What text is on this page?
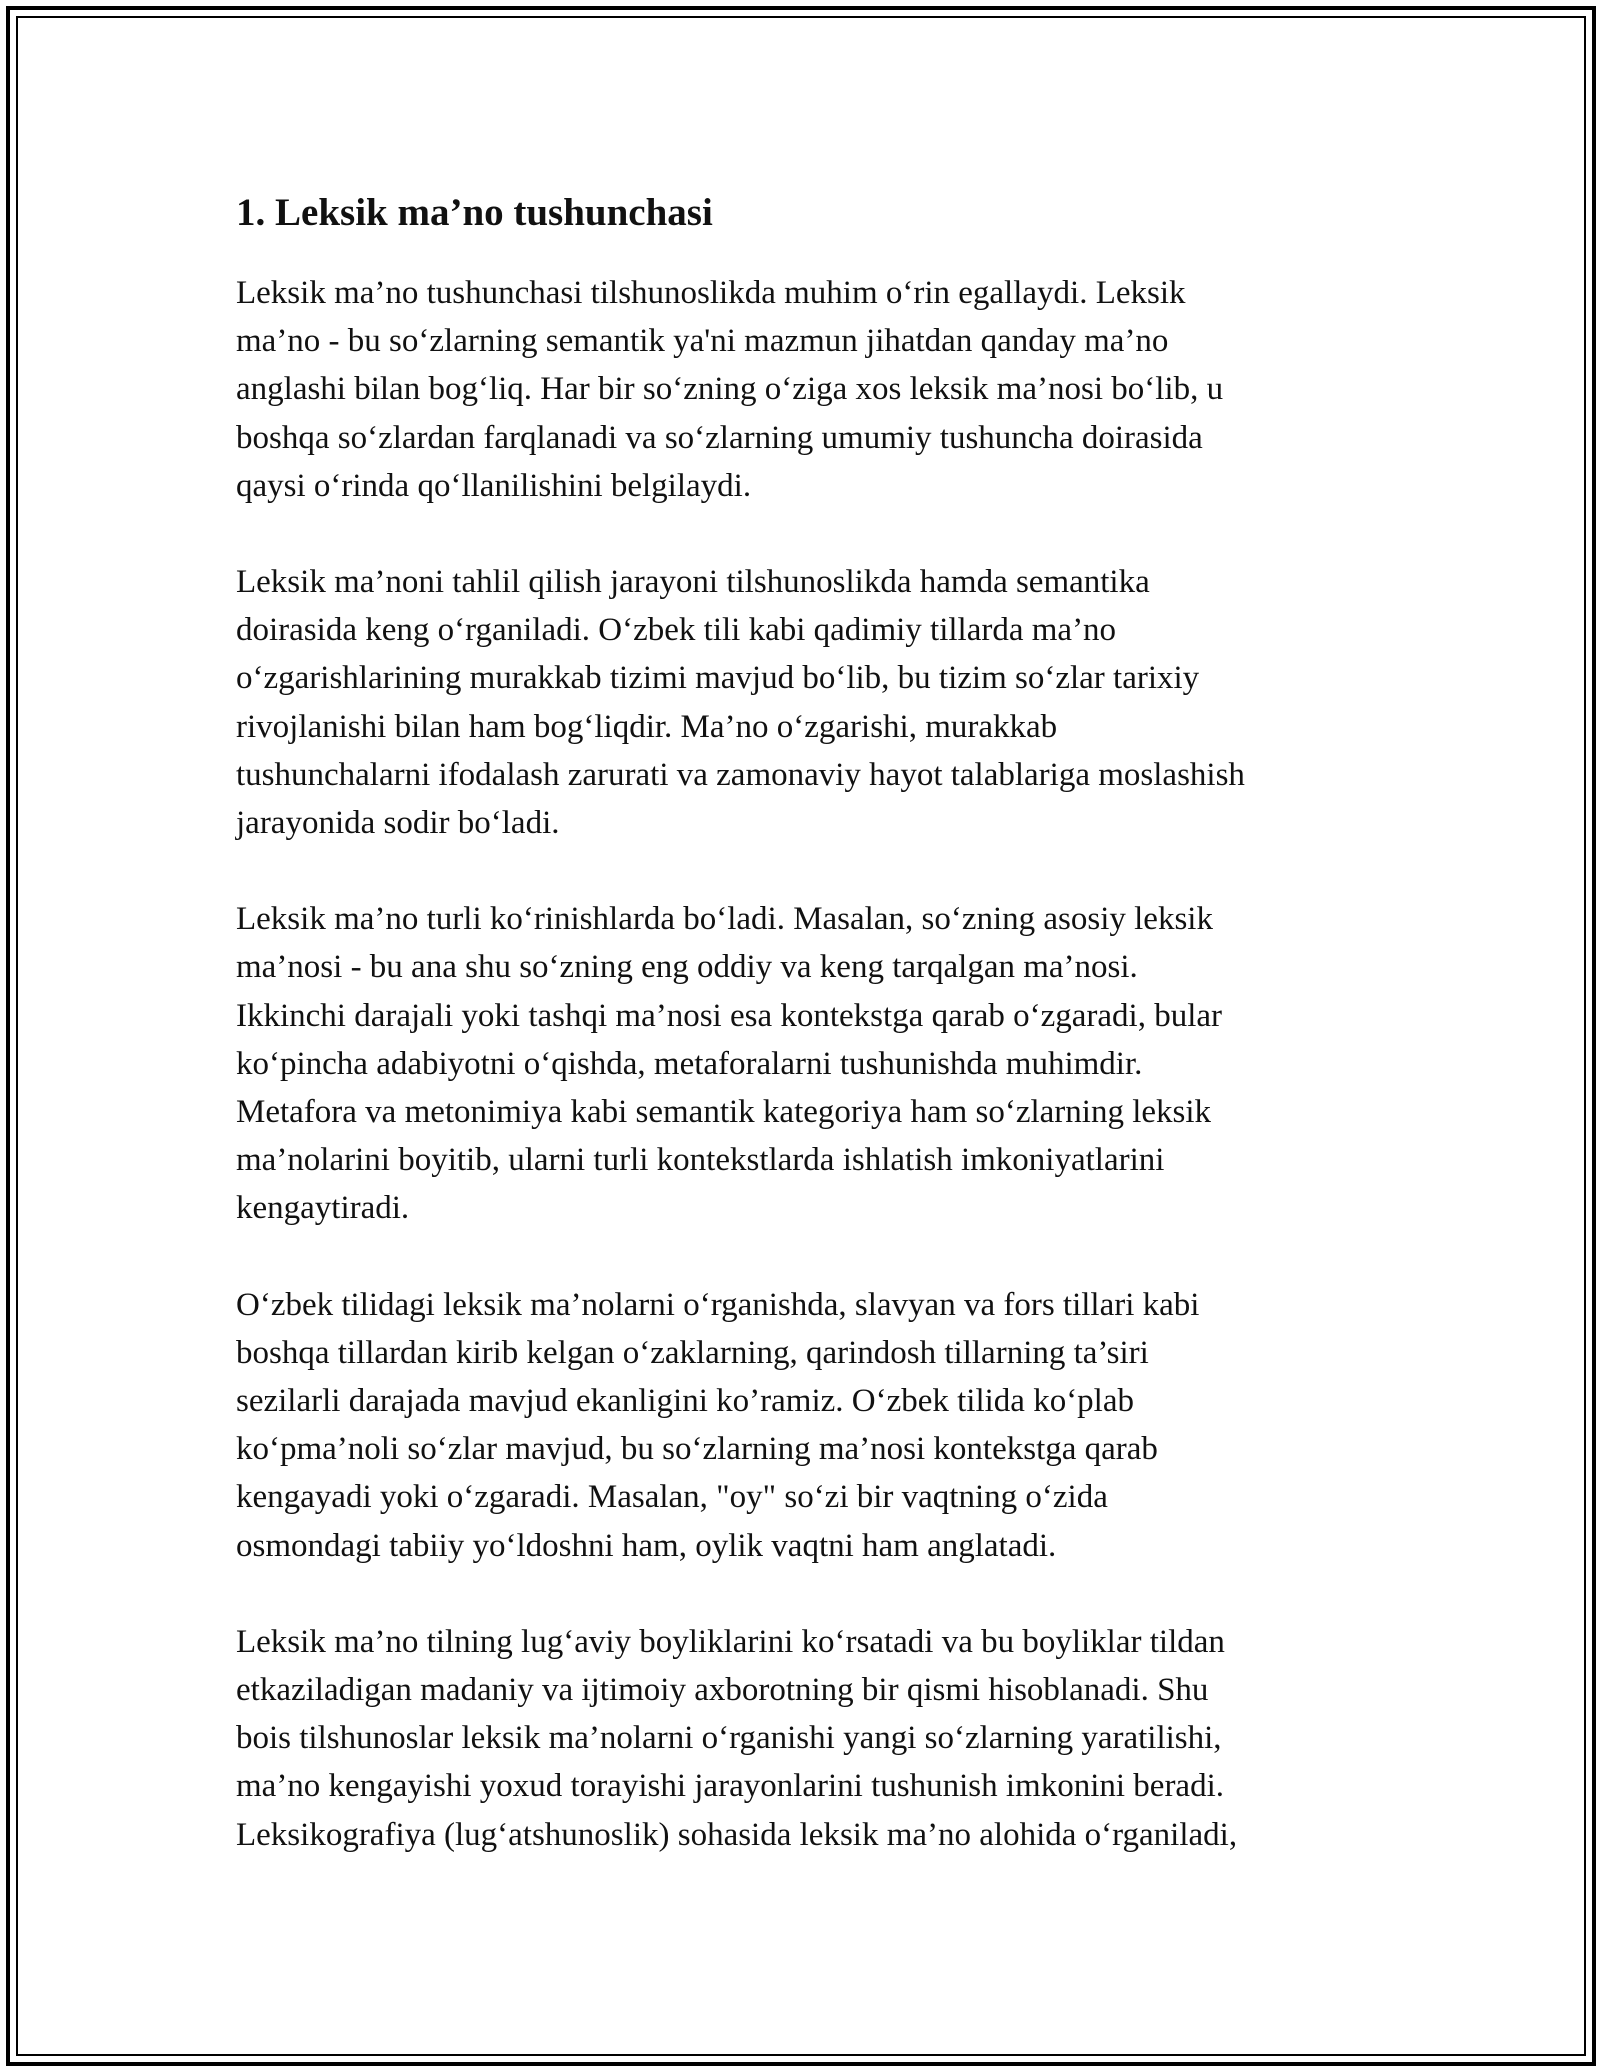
1. Leksik ma’no tushunchasi

Leksik ma’no tushunchasi tilshunoslikda muhim o‘rin egallaydi. Leksik
ma’no - bu so‘zlarning semantik ya'ni mazmun jihatdan qanday ma’no
anglashi bilan bog‘liq. Har bir so‘zning o‘ziga xos leksik ma’nosi bo‘lib, u
boshqa so‘zlardan farqlanadi va so‘zlarning umumiy tushuncha doirasida
qaysi o‘rinda qo‘llanilishini belgilaydi.

Leksik ma’noni tahlil qilish jarayoni tilshunoslikda hamda semantika
doirasida keng o‘rganiladi. O‘zbek tili kabi qadimiy tillarda ma’no
o‘zgarishlarining murakkab tizimi mavjud bo‘lib, bu tizim so‘zlar tarixiy
rivojlanishi bilan ham bog‘liqdir. Ma’no o‘zgarishi, murakkab
tushunchalarni ifodalash zarurati va zamonaviy hayot talablariga moslashish
jarayonida sodir bo‘ladi.

Leksik ma’no turli ko‘rinishlarda bo‘ladi. Masalan, so‘zning asosiy leksik
ma’nosi - bu ana shu so‘zning eng oddiy va keng tarqalgan ma’nosi.
Ikkinchi darajali yoki tashqi ma’nosi esa kontekstga qarab o‘zgaradi, bular
ko‘pincha adabiyotni o‘qishda, metaforalarni tushunishda muhimdir.
Metafora va metonimiya kabi semantik kategoriya ham so‘zlarning leksik
ma’nolarini boyitib, ularni turli kontekstlarda ishlatish imkoniyatlarini
kengaytiradi.

O‘zbek tilidagi leksik ma’nolarni o‘rganishda, slavyan va fors tillari kabi
boshqa tillardan kirib kelgan o‘zaklarning, qarindosh tillarning ta’siri
sezilarli darajada mavjud ekanligini ko’ramiz. O‘zbek tilida ko‘plab
ko‘pma’noli so‘zlar mavjud, bu so‘zlarning ma’nosi kontekstga qarab
kengayadi yoki o‘zgaradi. Masalan, "oy" so‘zi bir vaqtning o‘zida
osmondagi tabiiy yo‘ldoshni ham, oylik vaqtni ham anglatadi.

Leksik ma’no tilning lug‘aviy boyliklarini ko‘rsatadi va bu boyliklar tildan
etkaziladigan madaniy va ijtimoiy axborotning bir qismi hisoblanadi. Shu
bois tilshunoslar leksik ma’nolarni o‘rganishi yangi so‘zlarning yaratilishi,
ma’no kengayishi yoxud torayishi jarayonlarini tushunish imkonini beradi.
Leksikografiya (lug‘atshunoslik) sohasida leksik ma’no alohida o‘rganiladi,
